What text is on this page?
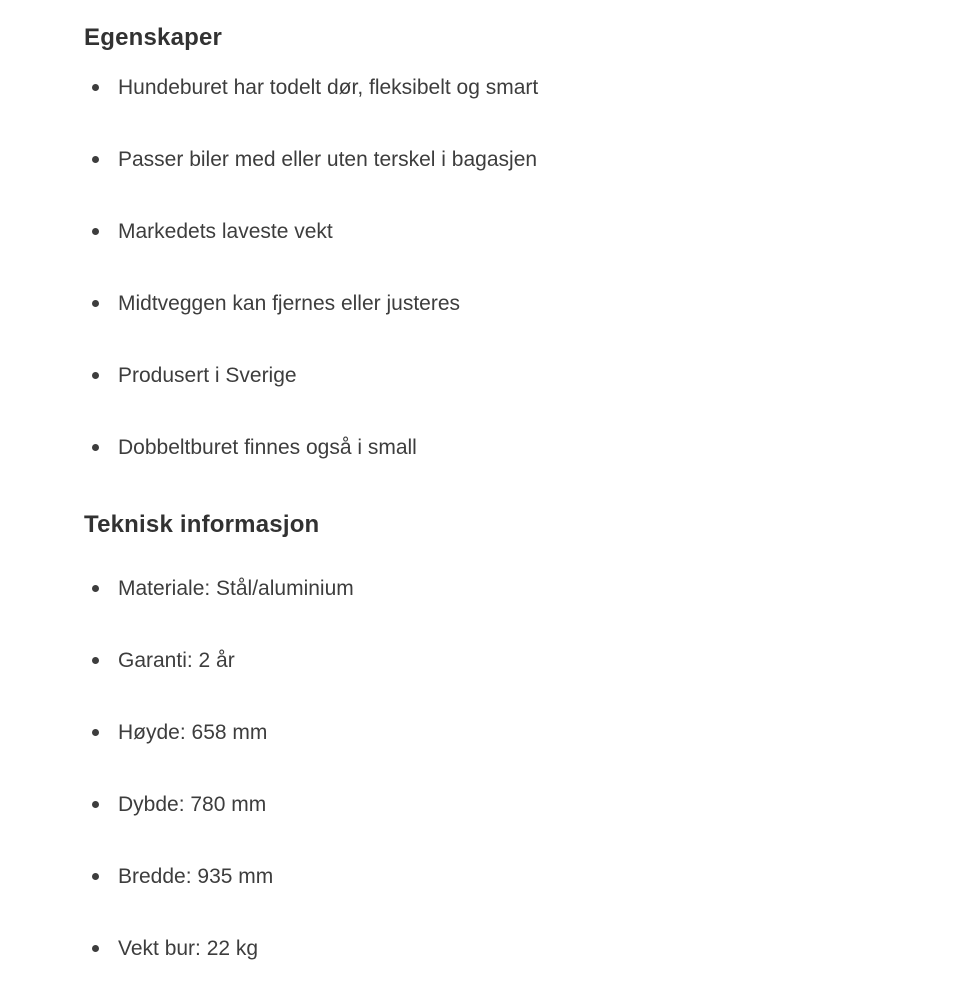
Egenskaper
Hundeburet har todelt dør, fleksibelt og smart
Passer biler med eller uten terskel i bagasjen
Markedets laveste vekt
Midtveggen kan fjernes eller justeres
Produsert i Sverige
Dobbeltburet finnes også i small
Teknisk informasjon
Materiale: Stål/aluminium
Garanti: 2 år
Høyde: 658 mm
Dybde: 780 mm
Bredde: 935 mm
Vekt bur: 22 kg
